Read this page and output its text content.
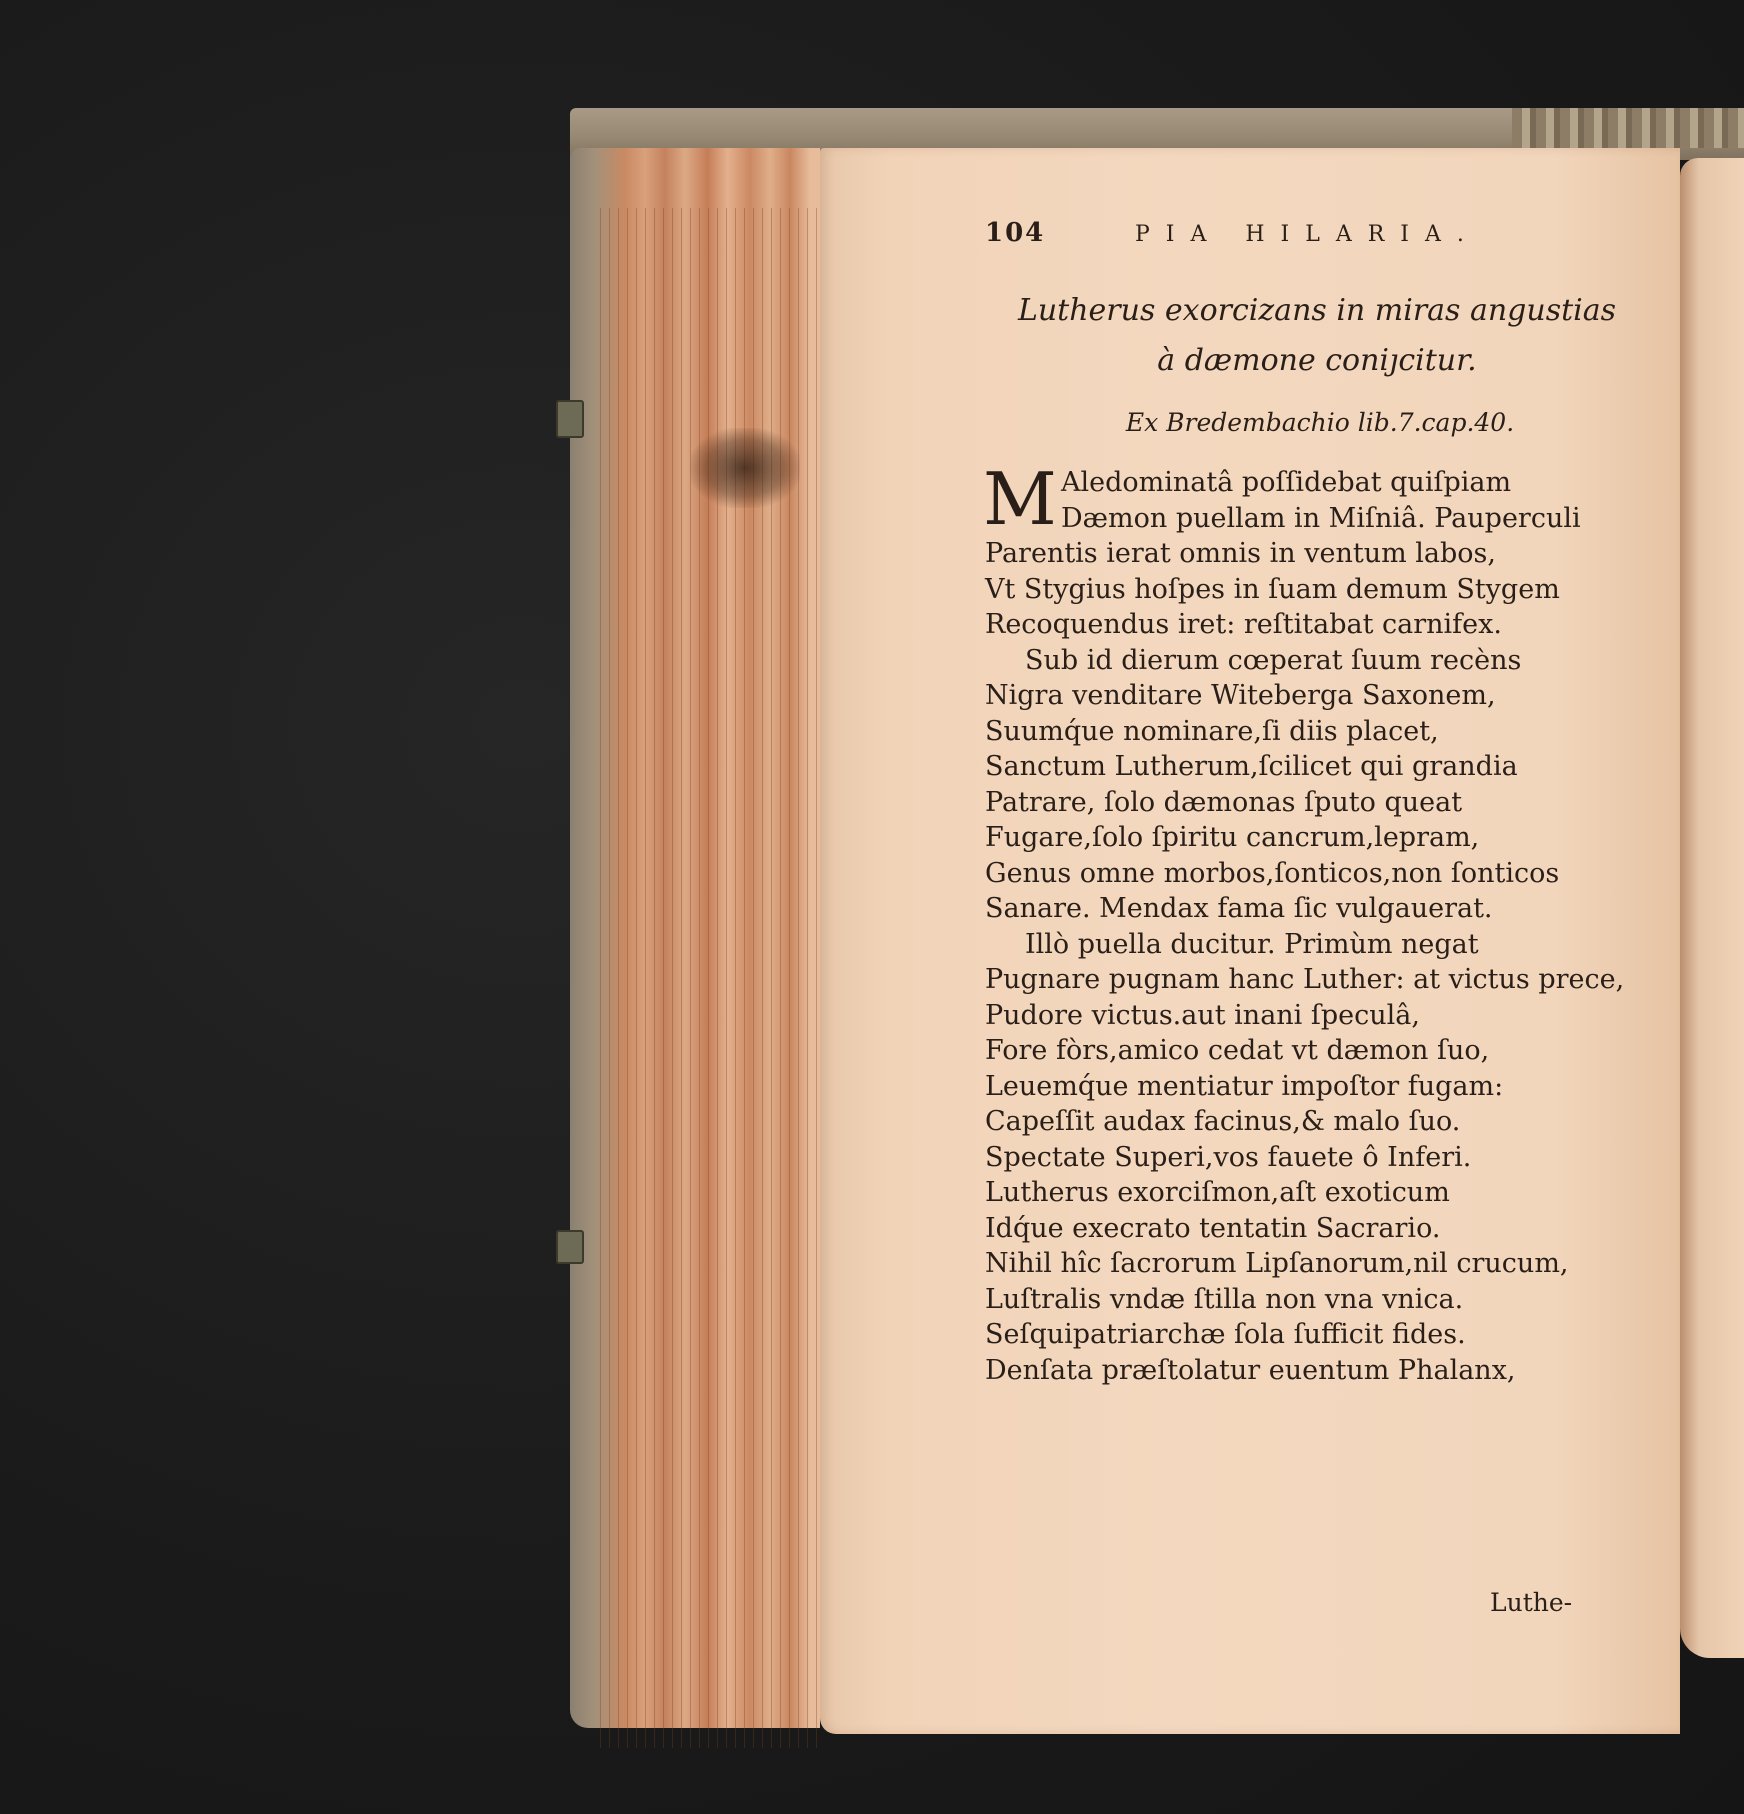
104	PIA HILARIA.
Lutherus exorcizans in miras angustias
à dæmone coniȷcitur.
Ex Bredembachio lib.7.cap.40.
M Aledominatâ poſſidebat quiſpiam
Dæmon puellam in Miſniâ. Pauperculi
Parentis ierat omnis in ventum labos,
Vt Stygius hoſpes in ſuam demum Stygem
Recoquendus iret: reſtitabat carnifex.
Sub id dierum cœperat ſuum recèns
Nigra venditare Witeberga Saxonem,
Suumq́ue nominare,ſi diis placet,
Sanctum Lutherum,ſcilicet qui grandia
Patrare, ſolo dæmonas ſputo queat
Fugare,ſolo ſpiritu cancrum,lepram,
Genus omne morbos,ſonticos,non ſonticos
Sanare. Mendax fama ſic vulgauerat.
Illò puella ducitur. Primùm negat
Pugnare pugnam hanc Luther: at victus prece,
Pudore victus.aut inani ſpeculâ,
Fore fòrs,amico cedat vt dæmon ſuo,
Leuemq́ue mentiatur impoſtor fugam:
Capeſſit audax facinus,& malo ſuo.
Spectate Superi,vos fauete ô Inferi.
Lutherus exorciſmon,aſt exoticum
Idq́ue execrato tentatin Sacrario.
Nihil hîc ſacrorum Lipſanorum,nil crucum,
Luſtralis vndæ ſtilla non vna vnica.
Seſquipatriarchæ ſola ſufficit fides.
Denſata præſtolatur euentum Phalanx,
Luthe-
